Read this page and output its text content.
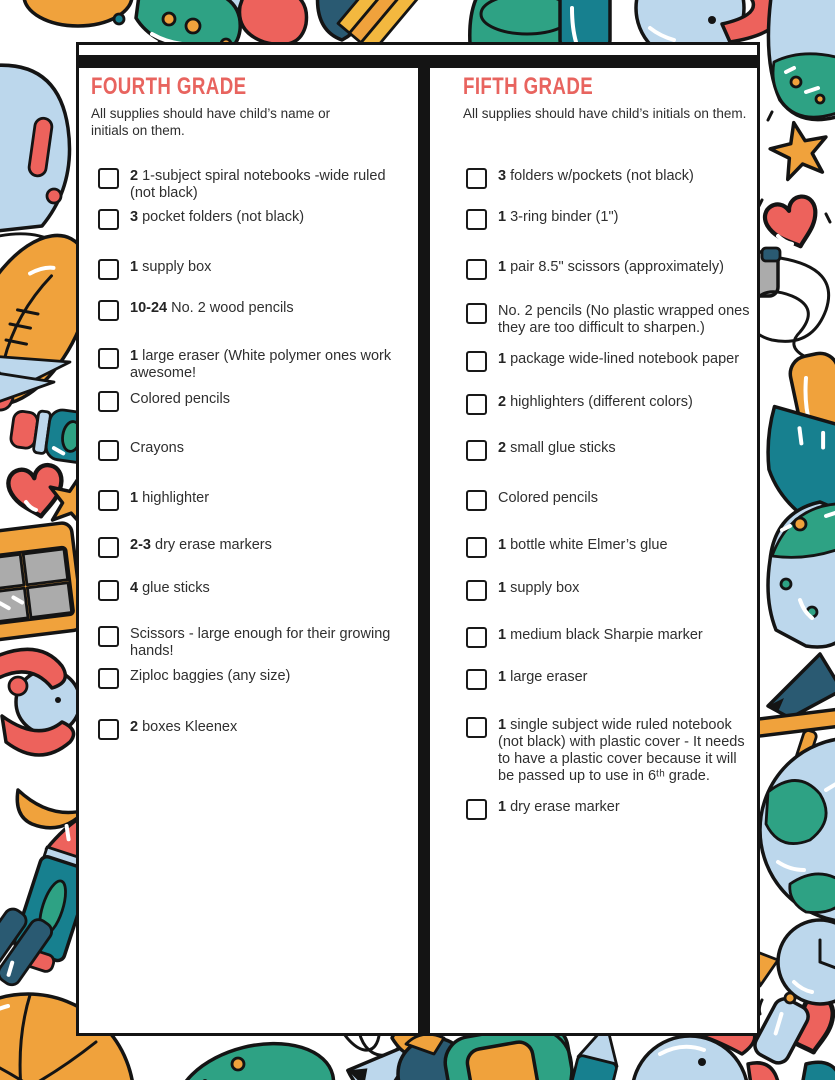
FOURTH GRADE

All supplies should have child’s name or initials on them.

2 1-subject spiral notebooks -wide ruled (not black)
3 pocket folders (not black)
1 supply box
10-24 No. 2 wood pencils
1 large eraser (White polymer ones work awesome!
Colored pencils
Crayons
1 highlighter
2-3 dry erase markers
4 glue sticks
Scissors - large enough for their growing hands!
Ziploc baggies (any size)
2 boxes Kleenex
FIFTH GRADE

All supplies should have child’s initials on them.

3 folders w/pockets (not black)
1 3-ring binder (1")
1 pair 8.5" scissors (approximately)
No. 2 pencils (No plastic wrapped ones they are too difficult to sharpen.)
1 package wide-lined notebook paper
2 highlighters (different colors)
2 small glue sticks
Colored pencils
1 bottle white Elmer’s glue
1 supply box
1 medium black Sharpie marker
1 large eraser
1 single subject wide ruled notebook (not black) with plastic cover - It needs to have a plastic cover because it will be passed up to use in 6ᵗʰ grade.
1 dry erase marker
